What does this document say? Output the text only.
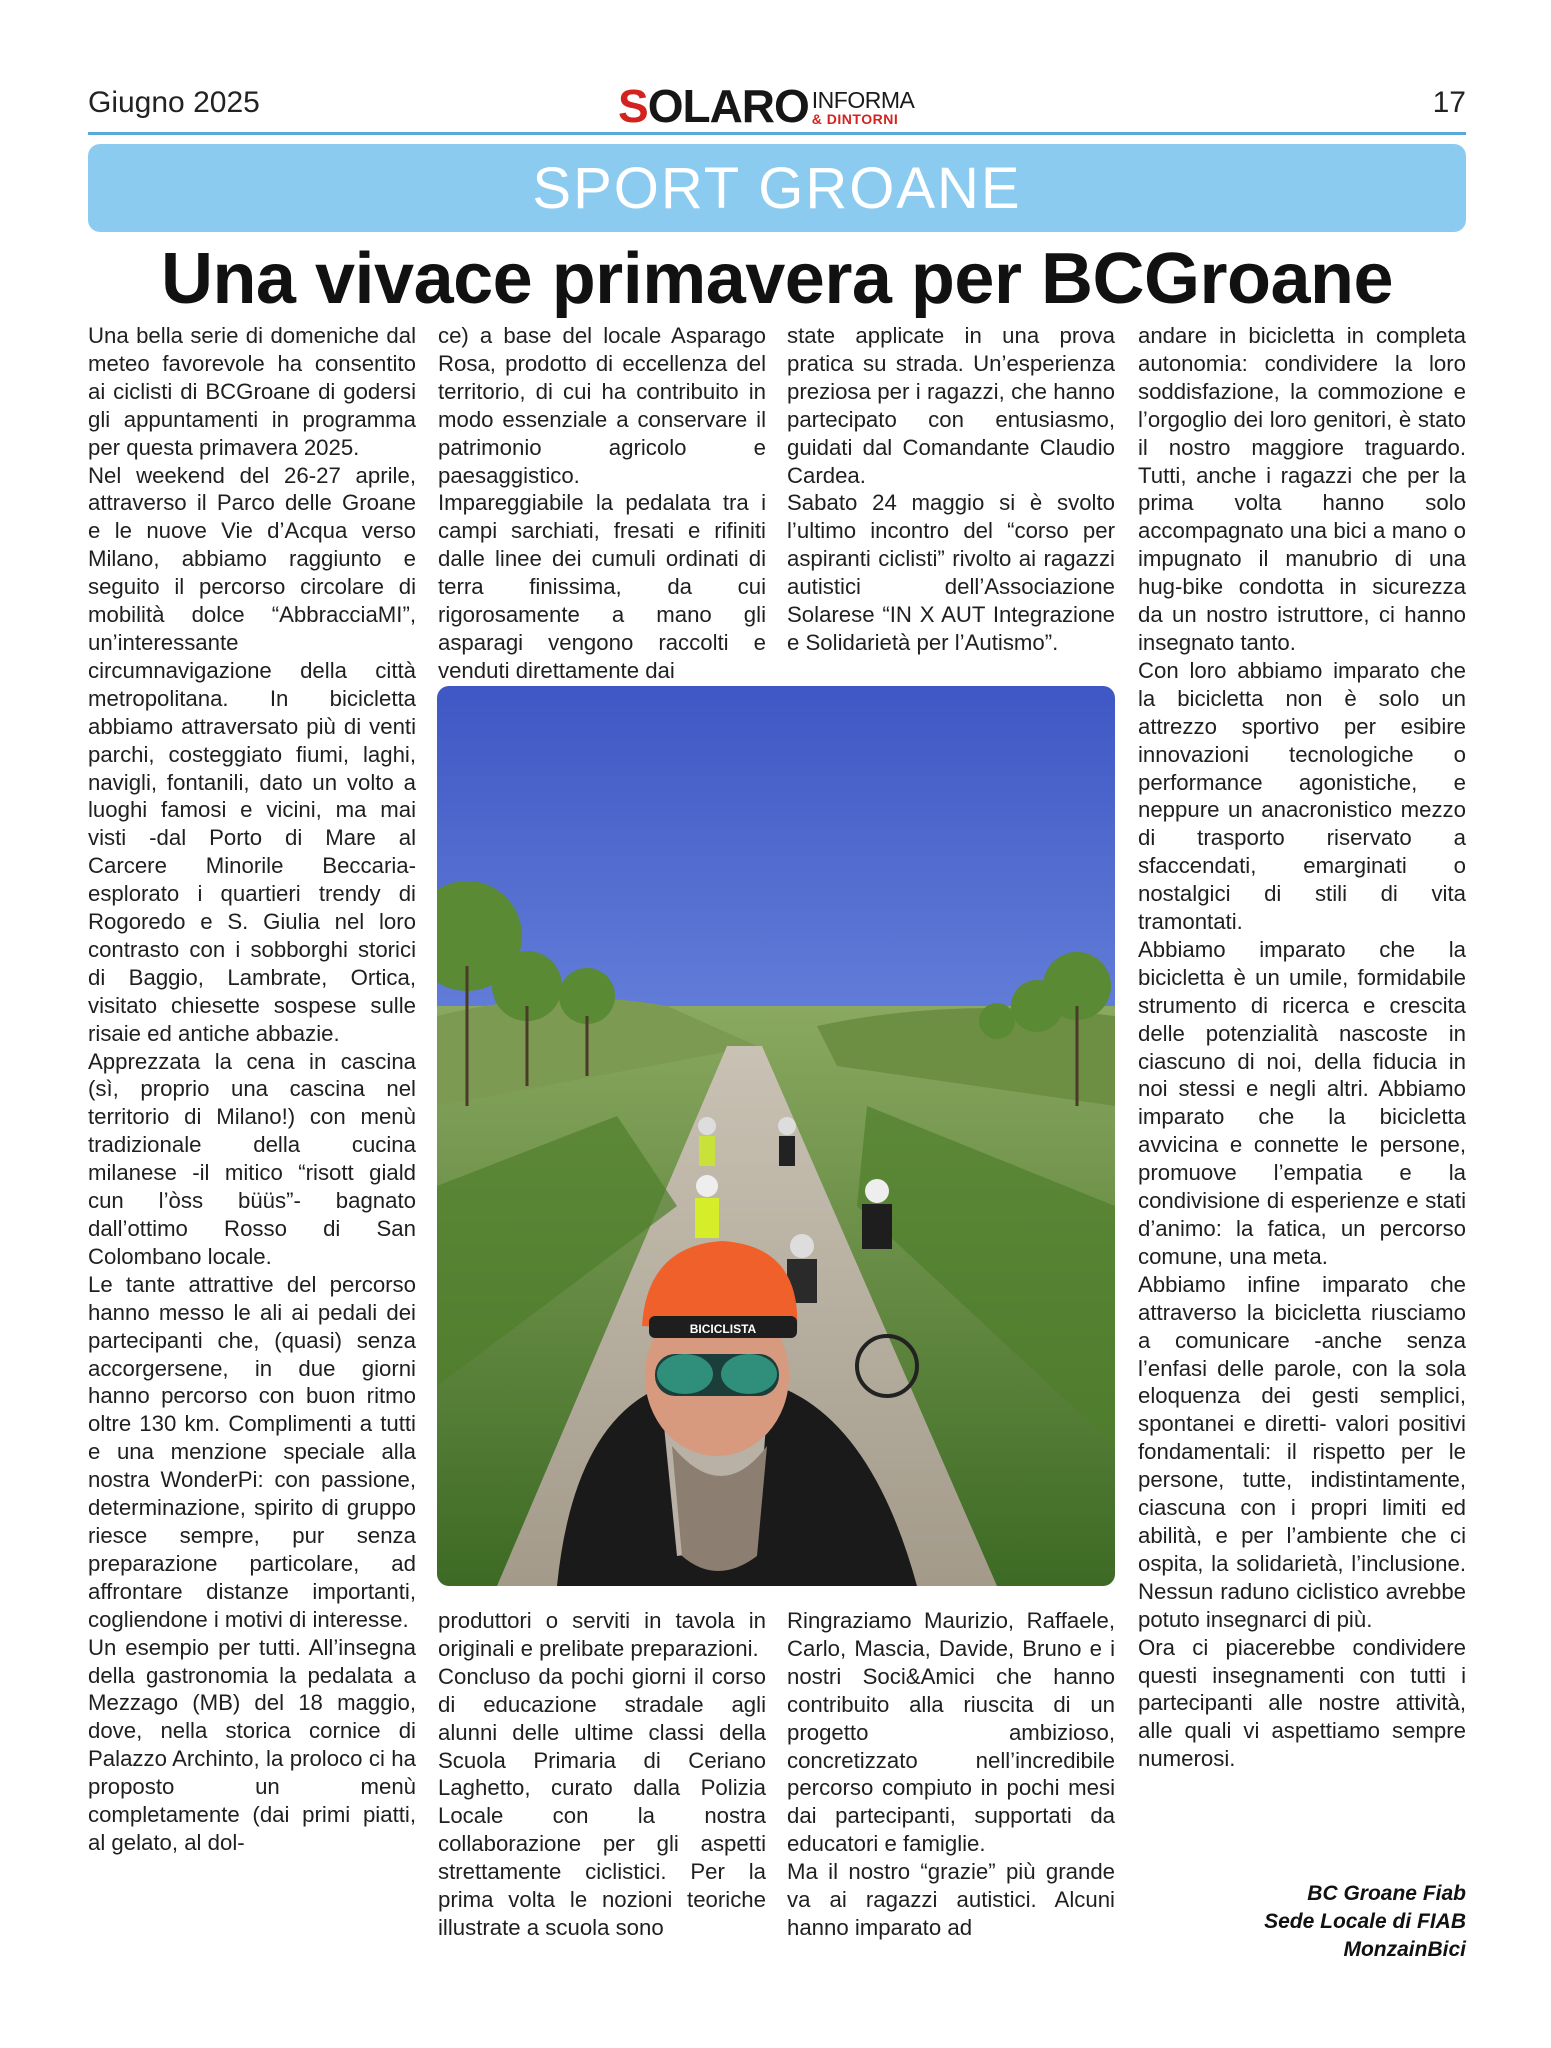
Giugno 2025	SOLARO INFORMA
& DINTORNI	17
SPORT GROANE
Una vivace primavera per BCGroane

Una bella serie di domeniche dal meteo favorevole ha consentito ai ciclisti di BCGroane di godersi gli appuntamenti in programma per questa primavera 2025.

Nel weekend del 26-27 aprile, attraverso il Parco delle Groane e le nuove Vie d’Acqua verso Milano, abbiamo raggiunto e seguito il percorso circolare di mobilità dolce “AbbracciaMI”, un’interessante circumnavigazione della città metropolitana. In bicicletta abbiamo attraversato più di venti parchi, costeggiato fiumi, laghi, navigli, fontanili, dato un volto a luoghi famosi e vicini, ma mai visti -dal Porto di Mare al Carcere Minorile Beccaria-esplorato i quartieri trendy di Rogoredo e S. Giulia nel loro contrasto con i sobborghi storici di Baggio, Lambrate, Ortica, visitato chiesette sospese sulle risaie ed antiche abbazie.

Apprezzata la cena in cascina (sì, proprio una cascina nel territorio di Milano!) con menù tradizionale della cucina milanese -il mitico “risott giald cun l’òss büüs”- bagnato dall’ottimo Rosso di San Colombano locale.

Le tante attrattive del percorso hanno messo le ali ai pedali dei partecipanti che, (quasi) senza accorgersene, in due giorni hanno percorso con buon ritmo oltre 130 km. Complimenti a tutti e una menzione speciale alla nostra WonderPi: con passione, determinazione, spirito di gruppo riesce sempre, pur senza preparazione particolare, ad affrontare distanze importanti, cogliendone i motivi di interesse.

Un esempio per tutti. All’insegna della gastronomia la pedalata a Mezzago (MB) del 18 maggio, dove, nella storica cornice di Palazzo Archinto, la proloco ci ha proposto un menù completamente (dai primi piatti, al gelato, al dol-

ce) a base del locale Asparago Rosa, prodotto di eccellenza del territorio, di cui ha contribuito in modo essenziale a conservare il patrimonio agricolo e paesaggistico.

Impareggiabile la pedalata tra i campi sarchiati, fresati e rifiniti dalle linee dei cumuli ordinati di terra finissima, da cui rigorosamente a mano gli asparagi vengono raccolti e venduti direttamente dai

state applicate in una prova pratica su strada. Un’esperienza preziosa per i ragazzi, che hanno partecipato con entusiasmo, guidati dal Comandante Claudio Cardea.

Sabato 24 maggio si è svolto l’ultimo incontro del “corso per aspiranti ciclisti” rivolto ai ragazzi autistici dell’Associazione Solarese “IN X AUT Integrazione e Solidarietà per l’Autismo”.

BICICLISTA

produttori o serviti in tavola in originali e prelibate preparazioni.

Concluso da pochi giorni il corso di educazione stradale agli alunni delle ultime classi della Scuola Primaria di Ceriano Laghetto, curato dalla Polizia Locale con la nostra collaborazione per gli aspetti strettamente ciclistici. Per la prima volta le nozioni teoriche illustrate a scuola sono

Ringraziamo Maurizio, Raffaele, Carlo, Mascia, Davide, Bruno e i nostri Soci&Amici che hanno contribuito alla riuscita di un progetto ambizioso, concretizzato nell’incredibile percorso compiuto in pochi mesi dai partecipanti, supportati da educatori e famiglie.

Ma il nostro “grazie” più grande va ai ragazzi autistici. Alcuni hanno imparato ad

andare in bicicletta in completa autonomia: condividere la loro soddisfazione, la commozione e l’orgoglio dei loro genitori, è stato il nostro maggiore traguardo. Tutti, anche i ragazzi che per la prima volta hanno solo accompagnato una bici a mano o impugnato il manubrio di una hug-bike condotta in sicurezza da un nostro istruttore, ci hanno insegnato tanto.

Con loro abbiamo imparato che la bicicletta non è solo un attrezzo sportivo per esibire innovazioni tecnologiche o performance agonistiche, e neppure un anacronistico mezzo di trasporto riservato a sfaccendati, emarginati o nostalgici di stili di vita tramontati.

Abbiamo imparato che la bicicletta è un umile, formidabile strumento di ricerca e crescita delle potenzialità nascoste in ciascuno di noi, della fiducia in noi stessi e negli altri. Abbiamo imparato che la bicicletta avvicina e connette le persone, promuove l’empatia e la condivisione di esperienze e stati d’animo: la fatica, un percorso comune, una meta.

Abbiamo infine imparato che attraverso la bicicletta riusciamo a comunicare -anche senza l’enfasi delle parole, con la sola eloquenza dei gesti semplici, spontanei e diretti- valori positivi fondamentali: il rispetto per le persone, tutte, indistintamente, ciascuna con i propri limiti ed abilità, e per l’ambiente che ci ospita, la solidarietà, l’inclusione. Nessun raduno ciclistico avrebbe potuto insegnarci di più.

Ora ci piacerebbe condividere questi insegnamenti con tutti i partecipanti alle nostre attività, alle quali vi aspettiamo sempre numerosi.

BC Groane Fiab
Sede Locale di FIAB
MonzainBici
